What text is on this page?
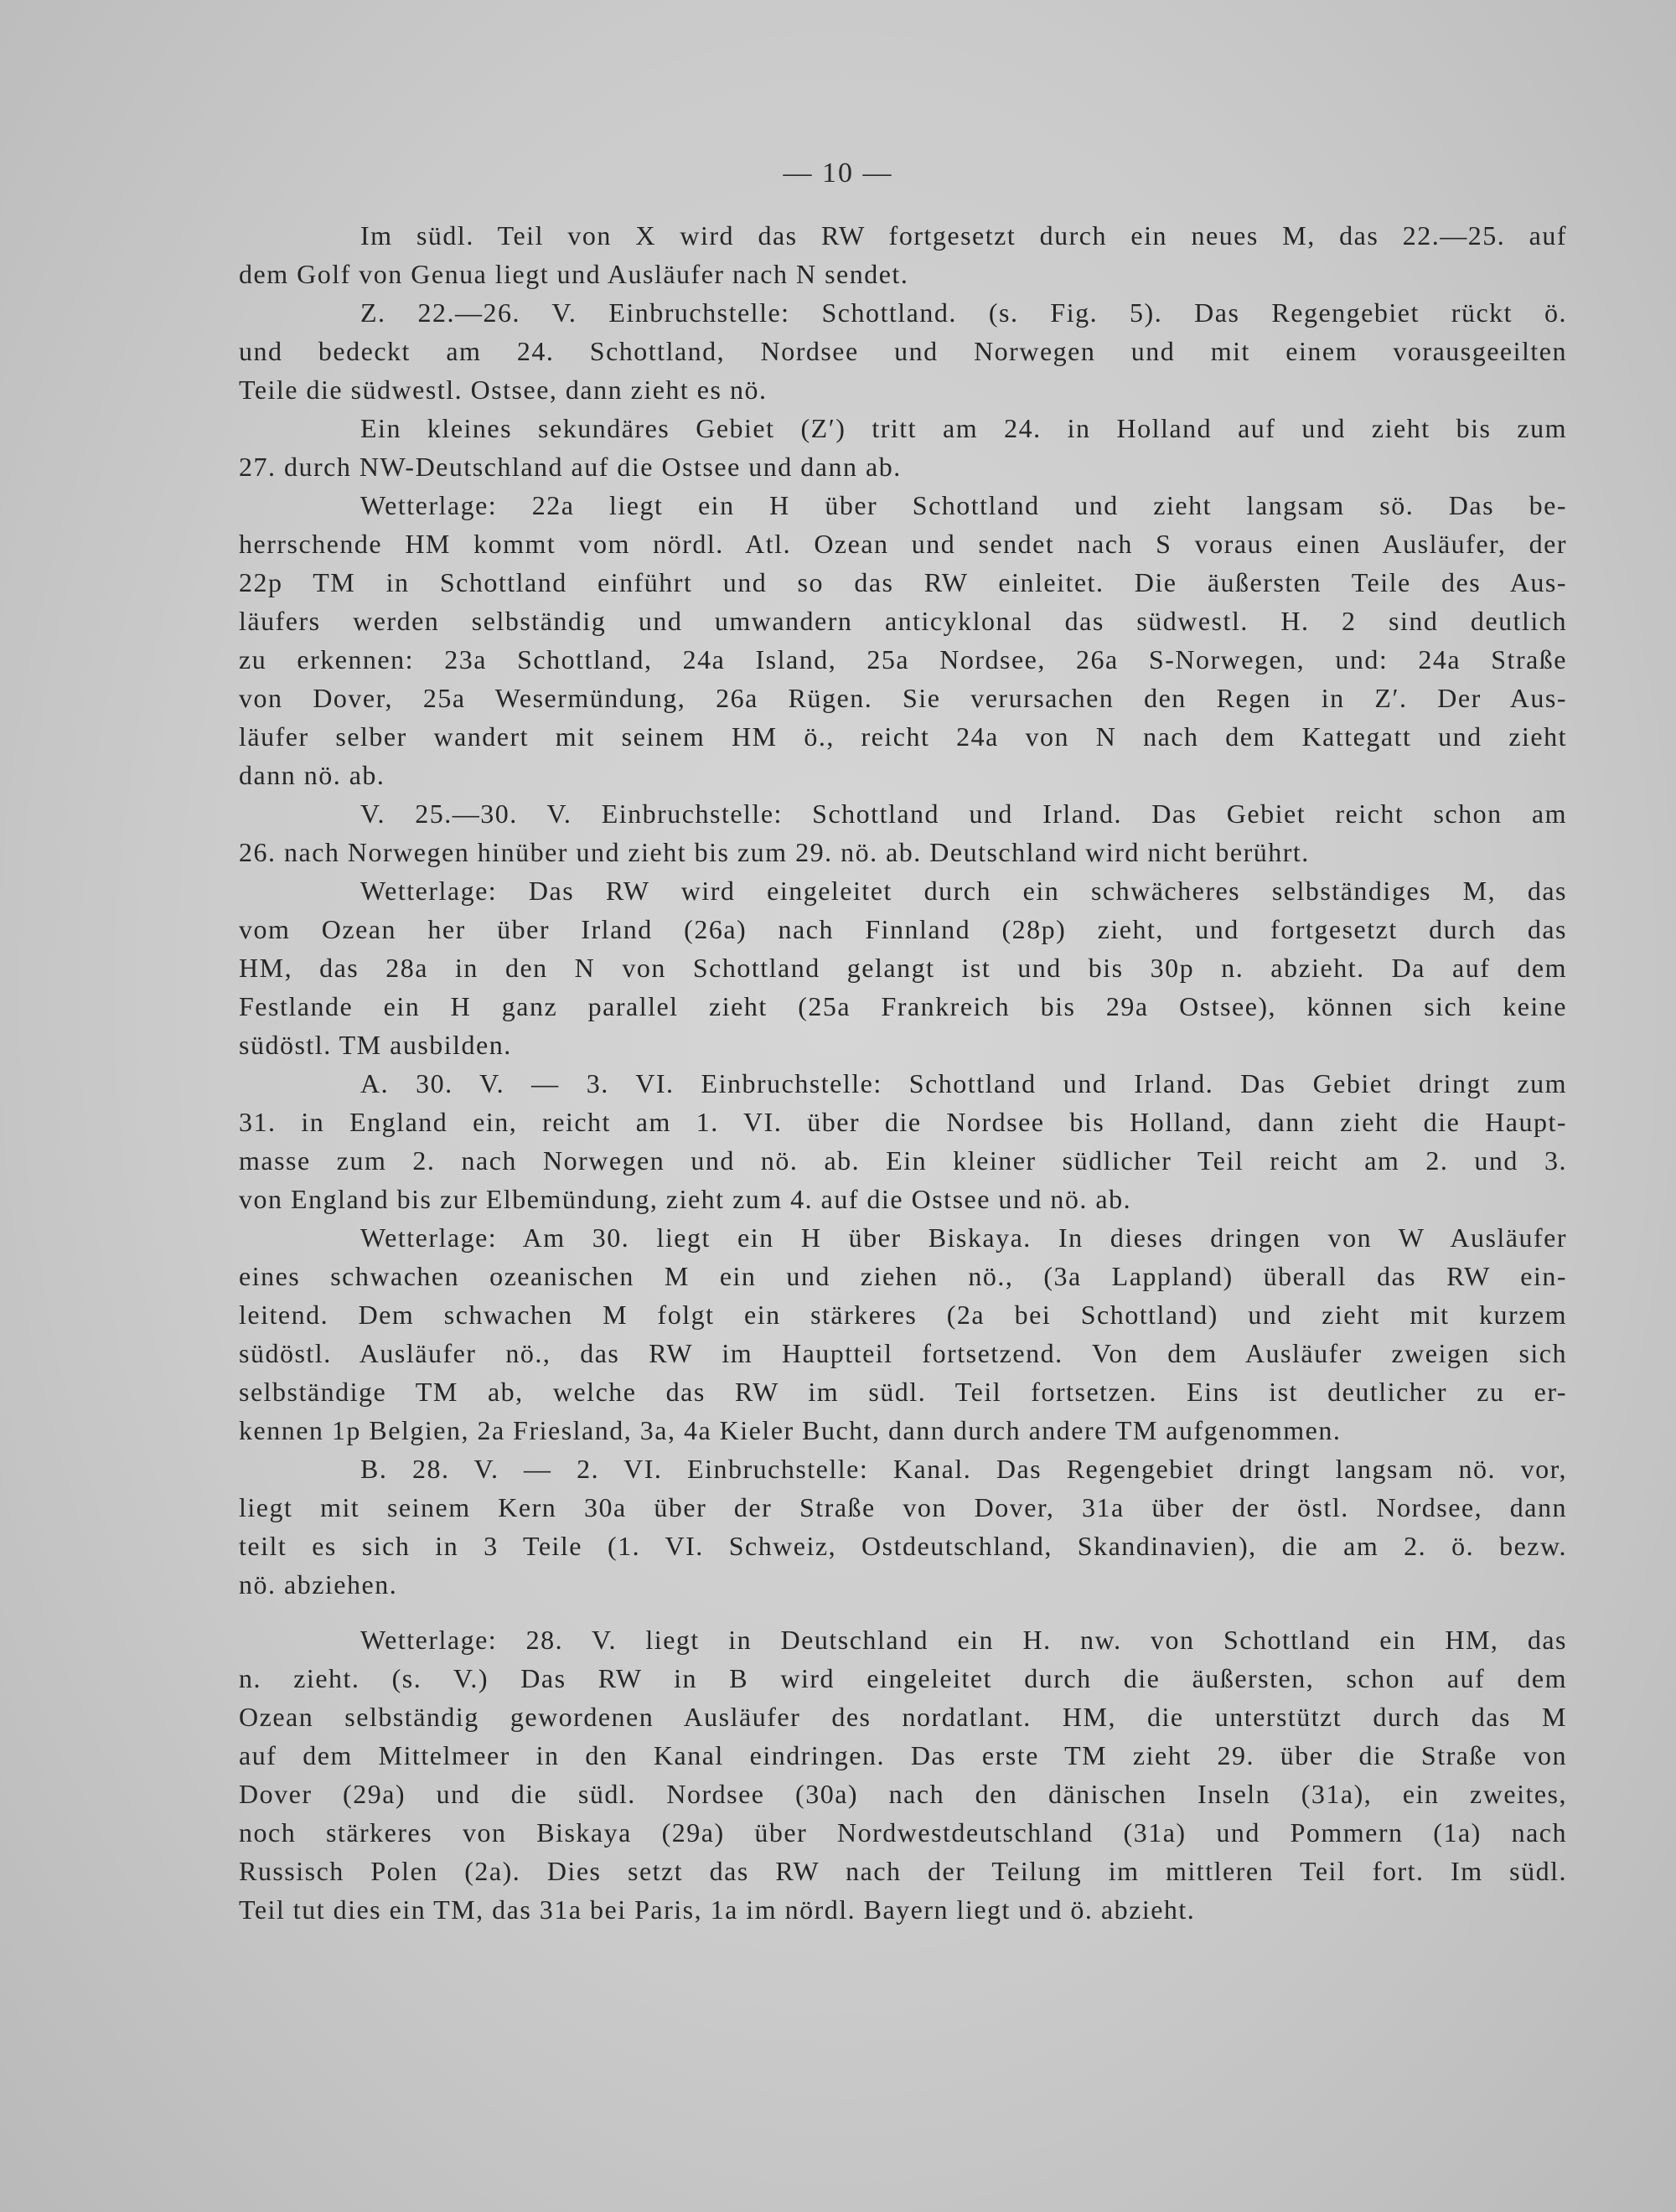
— 10 —
Im südl. Teil von X wird das RW fortgesetzt durch ein neues M, das 22.—25. auf
dem Golf von Genua liegt und Ausläufer nach N sendet.
Z. 22.—26. V. Einbruchstelle: Schottland. (s. Fig. 5). Das Regengebiet rückt ö.
und bedeckt am 24. Schottland, Nordsee und Norwegen und mit einem vorausgeeilten
Teile die südwestl. Ostsee, dann zieht es nö.
Ein kleines sekundäres Gebiet (Z′) tritt am 24. in Holland auf und zieht bis zum
27. durch NW-Deutschland auf die Ostsee und dann ab.
Wetterlage: 22a liegt ein H über Schottland und zieht langsam sö. Das be-
herrschende HM kommt vom nördl. Atl. Ozean und sendet nach S voraus einen Ausläufer, der
22p TM in Schottland einführt und so das RW einleitet. Die äußersten Teile des Aus-
läufers werden selbständig und umwandern anticyklonal das südwestl. H. 2 sind deutlich
zu erkennen: 23a Schottland, 24a Island, 25a Nordsee, 26a S-Norwegen, und: 24a Straße
von Dover, 25a Wesermündung, 26a Rügen. Sie verursachen den Regen in Z′. Der Aus-
läufer selber wandert mit seinem HM ö., reicht 24a von N nach dem Kattegatt und zieht
dann nö. ab.
V. 25.—30. V. Einbruchstelle: Schottland und Irland. Das Gebiet reicht schon am
26. nach Norwegen hinüber und zieht bis zum 29. nö. ab. Deutschland wird nicht berührt.
Wetterlage: Das RW wird eingeleitet durch ein schwächeres selbständiges M, das
vom Ozean her über Irland (26a) nach Finnland (28p) zieht, und fortgesetzt durch das
HM, das 28a in den N von Schottland gelangt ist und bis 30p n. abzieht. Da auf dem
Festlande ein H ganz parallel zieht (25a Frankreich bis 29a Ostsee), können sich keine
südöstl. TM ausbilden.
A. 30. V. — 3. VI. Einbruchstelle: Schottland und Irland. Das Gebiet dringt zum
31. in England ein, reicht am 1. VI. über die Nordsee bis Holland, dann zieht die Haupt-
masse zum 2. nach Norwegen und nö. ab. Ein kleiner südlicher Teil reicht am 2. und 3.
von England bis zur Elbemündung, zieht zum 4. auf die Ostsee und nö. ab.
Wetterlage: Am 30. liegt ein H über Biskaya. In dieses dringen von W Ausläufer
eines schwachen ozeanischen M ein und ziehen nö., (3a Lappland) überall das RW ein-
leitend. Dem schwachen M folgt ein stärkeres (2a bei Schottland) und zieht mit kurzem
südöstl. Ausläufer nö., das RW im Hauptteil fortsetzend. Von dem Ausläufer zweigen sich
selbständige TM ab, welche das RW im südl. Teil fortsetzen. Eins ist deutlicher zu er-
kennen 1p Belgien, 2a Friesland, 3a, 4a Kieler Bucht, dann durch andere TM aufgenommen.
B. 28. V. — 2. VI. Einbruchstelle: Kanal. Das Regengebiet dringt langsam nö. vor,
liegt mit seinem Kern 30a über der Straße von Dover, 31a über der östl. Nordsee, dann
teilt es sich in 3 Teile (1. VI. Schweiz, Ostdeutschland, Skandinavien), die am 2. ö. bezw.
nö. abziehen.
Wetterlage: 28. V. liegt in Deutschland ein H. nw. von Schottland ein HM, das
n. zieht. (s. V.) Das RW in B wird eingeleitet durch die äußersten, schon auf dem
Ozean selbständig gewordenen Ausläufer des nordatlant. HM, die unterstützt durch das M
auf dem Mittelmeer in den Kanal eindringen. Das erste TM zieht 29. über die Straße von
Dover (29a) und die südl. Nordsee (30a) nach den dänischen Inseln (31a), ein zweites,
noch stärkeres von Biskaya (29a) über Nordwestdeutschland (31a) und Pommern (1a) nach
Russisch Polen (2a). Dies setzt das RW nach der Teilung im mittleren Teil fort. Im südl.
Teil tut dies ein TM, das 31a bei Paris, 1a im nördl. Bayern liegt und ö. abzieht.
